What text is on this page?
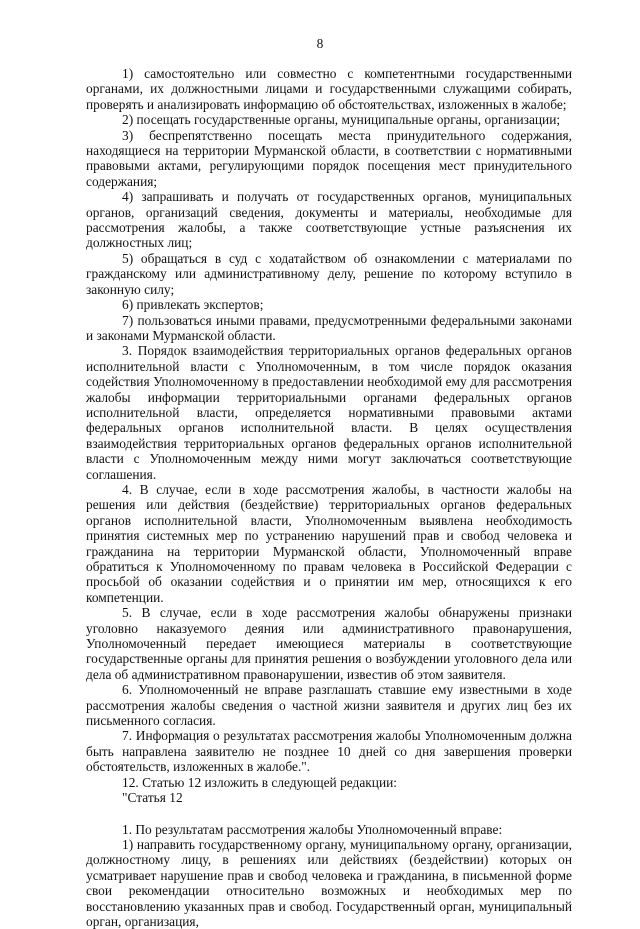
8

1) самостоятельно или совместно с компетентными государственными органами, их должностными лицами и государственными служащими собирать, проверять и анализировать информацию об обстоятельствах, изложенных в жалобе;

2) посещать государственные органы, муниципальные органы, организации;

3) беспрепятственно посещать места принудительного содержания, находящиеся на территории Мурманской области, в соответствии с нормативными правовыми актами, регулирующими порядок посещения мест принудительного содержания;

4) запрашивать и получать от государственных органов, муниципальных органов, организаций сведения, документы и материалы, необходимые для рассмотрения жалобы, а также соответствующие устные разъяснения их должностных лиц;

5) обращаться в суд с ходатайством об ознакомлении с материалами по гражданскому или административному делу, решение по которому вступило в законную силу;

6) привлекать экспертов;

7) пользоваться иными правами, предусмотренными федеральными законами и законами Мурманской области.

3. Порядок взаимодействия территориальных органов федеральных органов исполнительной власти с Уполномоченным, в том числе порядок оказания содействия Уполномоченному в предоставлении необходимой ему для рассмотрения жалобы информации территориальными органами федеральных органов исполнительной власти, определяется нормативными правовыми актами федеральных органов исполнительной власти. В целях осуществления взаимодействия территориальных органов федеральных органов исполнительной власти с Уполномоченным между ними могут заключаться соответствующие соглашения.

4. В случае, если в ходе рассмотрения жалобы, в частности жалобы на решения или действия (бездействие) территориальных органов федеральных органов исполнительной власти, Уполномоченным выявлена необходимость принятия системных мер по устранению нарушений прав и свобод человека и гражданина на территории Мурманской области, Уполномоченный вправе обратиться к Уполномоченному по правам человека в Российской Федерации с просьбой об оказании содействия и о принятии им мер, относящихся к его компетенции.

5. В случае, если в ходе рассмотрения жалобы обнаружены признаки уголовно наказуемого деяния или административного правонарушения, Уполномоченный передает имеющиеся материалы в соответствующие государственные органы для принятия решения о возбуждении уголовного дела или дела об административном правонарушении, известив об этом заявителя.

6. Уполномоченный не вправе разглашать ставшие ему известными в ходе рассмотрения жалобы сведения о частной жизни заявителя и других лиц без их письменного согласия.

7. Информация о результатах рассмотрения жалобы Уполномоченным должна быть направлена заявителю не позднее 10 дней со дня завершения проверки обстоятельств, изложенных в жалобе.".

12. Статью 12 изложить в следующей редакции:

"Статья 12

1. По результатам рассмотрения жалобы Уполномоченный вправе:

1) направить государственному органу, муниципальному органу, организации, должностному лицу, в решениях или действиях (бездействии) которых он усматривает нарушение прав и свобод человека и гражданина, в письменной форме свои рекомендации относительно возможных и необходимых мер по восстановлению указанных прав и свобод. Государственный орган, муниципальный орган, организация,
